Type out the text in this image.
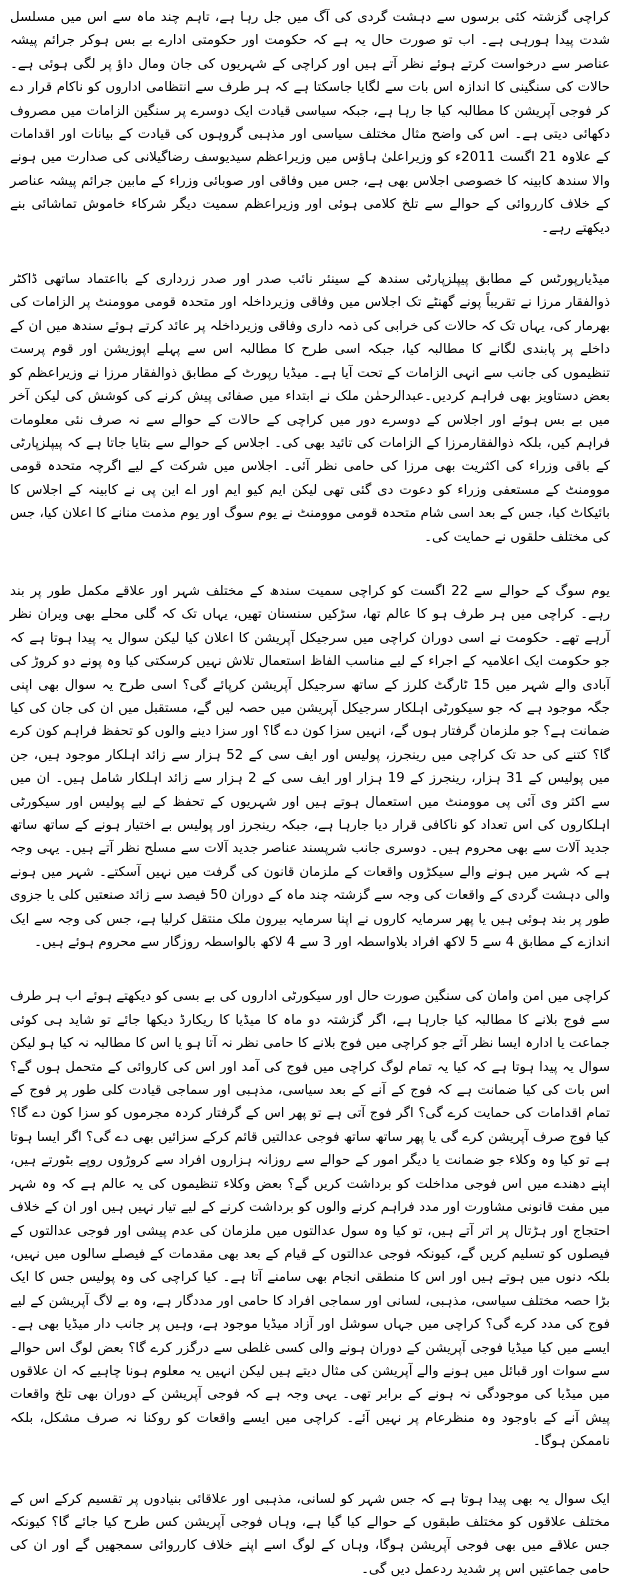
کراچی گزشتہ کئی برسوں سے دہشت گردی کی آگ میں جل رہا ہے، تاہم چند ماہ سے اس میں مسلسل شدت پیدا ہورہی ہے۔ اب تو صورت حال یہ ہے کہ حکومت اور حکومتی ادارے بے بس ہوکر جرائم پیشہ عناصر سے درخواست کرتے ہوئے نظر آتے ہیں اور کراچی کے شہریوں کی جان ومال داؤ پر لگی ہوئی ہے۔ حالات کی سنگینی کا اندازہ اس بات سے لگایا جاسکتا ہے کہ ہر طرف سے انتظامی اداروں کو ناکام قرار دے کر فوجی آپریشن کا مطالبہ کیا جا رہا ہے، جبکہ سیاسی قیادت ایک دوسرے پر سنگین الزامات میں مصروف دکھائی دیتی ہے۔ اس کی واضح مثال مختلف سیاسی اور مذہبی گروہوں کی قیادت کے بیانات اور اقدامات کے علاوہ 21 اگست 2011ء کو وزیراعلیٰ ہاؤس میں وزیراعظم سیدیوسف رضاگیلانی کی صدارت میں ہونے والا سندھ کابینہ کا خصوصی اجلاس بھی ہے، جس میں وفاقی اور صوبائی وزراء کے مابین جرائم پیشہ عناصر کے خلاف کارروائی کے حوالے سے تلخ کلامی ہوئی اور وزیراعظم سمیت دیگر شرکاء خاموش تماشائی بنے دیکھتے رہے۔

میڈیارپورٹس کے مطابق پیپلزپارٹی سندھ کے سینئر نائب صدر اور صدر زرداری کے بااعتماد ساتھی ڈاکٹر ذوالفقار مرزا نے تقریباً پونے گھنٹے تک اجلاس میں وفاقی وزیرداخلہ اور متحدہ قومی موومنٹ پر الزامات کی بھرمار کی، یہاں تک کہ حالات کی خرابی کی ذمہ داری وفاقی وزیرداخلہ پر عائد کرتے ہوئے سندھ میں ان کے داخلے پر پابندی لگانے کا مطالبہ کیا، جبکہ اسی طرح کا مطالبہ اس سے پہلے اپوزیشن اور قوم پرست تنظیموں کی جانب سے انہی الزامات کے تحت آیا ہے۔ میڈیا رپورٹ کے مطابق ذوالفقار مرزا نے وزیراعظم کو بعض دستاویز بھی فراہم کردیں۔عبدالرحمٰن ملک نے ابتداء میں صفائی پیش کرنے کی کوشش کی لیکن آخر میں بے بس ہوئے اور اجلاس کے دوسرے دور میں کراچی کے حالات کے حوالے سے نہ صرف نئی معلومات فراہم کیں، بلکہ ذوالفقارمرزا کے الزامات کی تائید بھی کی۔ اجلاس کے حوالے سے بتایا جاتا ہے کہ پیپلزپارٹی کے باقی وزراء کی اکثریت بھی مرزا کی حامی نظر آئی۔ اجلاس میں شرکت کے لیے اگرچہ متحدہ قومی موومنٹ کے مستعفی وزراء کو دعوت دی گئی تھی لیکن ایم کیو ایم اور اے این پی نے کابینہ کے اجلاس کا بائیکاٹ کیا، جس کے بعد اسی شام متحدہ قومی موومنٹ نے یوم سوگ اور یوم مذمت منانے کا اعلان کیا، جس کی مختلف حلقوں نے حمایت کی۔

یوم سوگ کے حوالے سے 22 اگست کو کراچی سمیت سندھ کے مختلف شہر اور علاقے مکمل طور پر بند رہے۔ کراچی میں ہر طرف ہو کا عالم تھا، سڑکیں سنسنان تھیں، یہاں تک کہ گلی محلے بھی ویران نظر آرہے تھے۔ حکومت نے اسی دوران کراچی میں سرجیکل آپریشن کا اعلان کیا لیکن سوال یہ پیدا ہوتا ہے کہ جو حکومت ایک اعلامیہ کے اجراء کے لیے مناسب الفاظ استعمال تلاش نہیں کرسکتی کیا وہ پونے دو کروڑ کی آبادی والے شہر میں 15 ٹارگٹ کلرز کے ساتھ سرجیکل آپریشن کرپائے گی؟ اسی طرح یہ سوال بھی اپنی جگہ موجود ہے کہ جو سیکورٹی اہلکار سرجیکل آپریشن میں حصہ لیں گے، مستقبل میں ان کی جان کی کیا ضمانت ہے؟ جو ملزمان گرفتار ہوں گے، انہیں سزا کون دے گا؟ اور سزا دینے والوں کو تحفظ فراہم کون کرے گا؟ کتنے کی حد تک کراچی میں رینجرز، پولیس اور ایف سی کے 52 ہزار سے زائد اہلکار موجود ہیں، جن میں پولیس کے 31 ہزار، رینجرز کے 19 ہزار اور ایف سی کے 2 ہزار سے زائد اہلکار شامل ہیں۔ ان میں سے اکثر وی آئی پی موومنٹ میں استعمال ہوتے ہیں اور شہریوں کے تحفظ کے لیے پولیس اور سیکورٹی اہلکاروں کی اس تعداد کو ناکافی قرار دیا جارہا ہے، جبکہ رینجرز اور پولیس بے اختیار ہونے کے ساتھ ساتھ جدید آلات سے بھی محروم ہیں۔ دوسری جانب شرپسند عناصر جدید آلات سے مسلح نظر آتے ہیں۔ یہی وجہ ہے کہ شہر میں ہونے والے سیکڑوں واقعات کے ملزمان قانون کی گرفت میں نہیں آسکتے۔ شہر میں ہونے والی دہشت گردی کے واقعات کی وجہ سے گزشتہ چند ماہ کے دوران 50 فیصد سے زائد صنعتیں کلی یا جزوی طور پر بند ہوئی ہیں یا پھر سرمایہ کاروں نے اپنا سرمایہ بیرون ملک منتقل کرلیا ہے، جس کی وجہ سے ایک اندازے کے مطابق 4 سے 5 لاکھ افراد بلاواسطہ اور 3 سے 4 لاکھ بالواسطہ روزگار سے محروم ہوئے ہیں۔

کراچی میں امن وامان کی سنگین صورت حال اور سیکورٹی اداروں کی بے بسی کو دیکھتے ہوئے اب ہر طرف سے فوج بلانے کا مطالبہ کیا جارہا ہے، اگر گزشتہ دو ماہ کا میڈیا کا ریکارڈ دیکھا جائے تو شاید ہی کوئی جماعت یا ادارہ ایسا نظر آئے جو کراچی میں فوج بلانے کا حامی نظر نہ آتا ہو یا اس کا مطالبہ نہ کیا ہو لیکن سوال یہ پیدا ہوتا ہے کہ کیا یہ تمام لوگ کراچی میں فوج کی آمد اور اس کی کاروائی کے متحمل ہوں گے؟ اس بات کی کیا ضمانت ہے کہ فوج کے آنے کے بعد سیاسی، مذہبی اور سماجی قیادت کلی طور پر فوج کے تمام اقدامات کی حمایت کرے گی؟ اگر فوج آتی ہے تو پھر اس کے گرفتار کردہ مجرموں کو سزا کون دے گا؟ کیا فوج صرف آپریشن کرے گی یا پھر ساتھ ساتھ فوجی عدالتیں قائم کرکے سزائیں بھی دے گی؟ اگر ایسا ہوتا ہے تو کیا وہ وکلاء جو ضمانت یا دیگر امور کے حوالے سے روزانہ ہزاروں افراد سے کروڑوں روپے بٹورتے ہیں، اپنے دھندے میں اس فوجی مداخلت کو برداشت کریں گے؟ بعض وکلاء تنظیموں کی یہ عالم ہے کہ وہ شہر میں مفت قانونی مشاورت اور مدد فراہم کرنے والوں کو برداشت کرنے کے لیے تیار نہیں ہیں اور ان کے خلاف احتجاج اور ہڑتال پر اتر آتے ہیں، تو کیا وہ سول عدالتوں میں ملزمان کی عدم پیشی اور فوجی عدالتوں کے فیصلوں کو تسلیم کریں گے، کیونکہ فوجی عدالتوں کے قیام کے بعد بھی مقدمات کے فیصلے سالوں میں نہیں، بلکہ دنوں میں ہوتے ہیں اور اس کا منطقی انجام بھی سامنے آتا ہے۔ کیا کراچی کی وہ پولیس جس کا ایک بڑا حصہ مختلف سیاسی، مذہبی، لسانی اور سماجی افراد کا حامی اور مددگار ہے، وہ بے لاگ آپریشن کے لیے فوج کی مدد کرے گی؟ کراچی میں جہاں سوشل اور آزاد میڈیا موجود ہے، وہیں پر جانب دار میڈیا بھی ہے۔ایسے میں کیا میڈیا فوجی آپریشن کے دوران ہونے والی کسی غلطی سے درگزر کرے گا؟ بعض لوگ اس حوالے سے سوات اور قبائل میں ہونے والے آپریشن کی مثال دیتے ہیں لیکن انہیں یہ معلوم ہونا چاہیے کہ ان علاقوں میں میڈیا کی موجودگی نہ ہونے کے برابر تھی۔ یہی وجہ ہے کہ فوجی آپریشن کے دوران بھی تلخ واقعات پیش آنے کے باوجود وہ منظرعام پر نہیں آئے۔ کراچی میں ایسے واقعات کو روکنا نہ صرف مشکل، بلکہ ناممکن ہوگا۔

ایک سوال یہ بھی پیدا ہوتا ہے کہ جس شہر کو لسانی، مذہبی اور علاقائی بنیادوں پر تقسیم کرکے اس کے مختلف علاقوں کو مختلف طبقوں کے حوالے کیا گیا ہے، وہاں فوجی آپریشن کس طرح کیا جائے گا؟ کیونکہ جس علاقے میں بھی فوجی آپریشن ہوگا، وہاں کے لوگ اسے اپنے خلاف کارروائی سمجھیں گے اور ان کی حامی جماعتیں اس پر شدید ردعمل دیں گی۔
